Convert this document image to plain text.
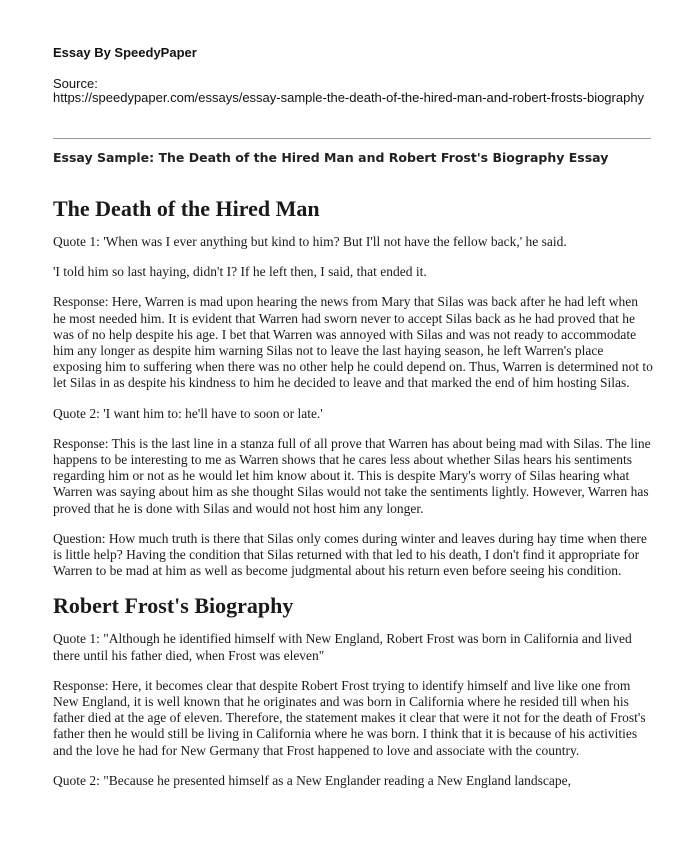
Essay By SpeedyPaper
Source:
https://speedypaper.com/essays/essay-sample-the-death-of-the-hired-man-and-robert-frosts-biography
Essay Sample: The Death of the Hired Man and Robert Frost's Biography Essay
The Death of the Hired Man

Quote 1: 'When was I ever anything but kind to him? But I'll not have the fellow back,' he said.

'I told him so last haying, didn't I? If he left then, I said, that ended it.

Response: Here, Warren is mad upon hearing the news from Mary that Silas was back after he had left when he most needed him. It is evident that Warren had sworn never to accept Silas back as he had proved that he was of no help despite his age. I bet that Warren was annoyed with Silas and was not ready to accommodate him any longer as despite him warning Silas not to leave the last haying season, he left Warren's place exposing him to suffering when there was no other help he could depend on. Thus, Warren is determined not to let Silas in as despite his kindness to him he decided to leave and that marked the end of him hosting Silas.

Quote 2: 'I want him to: he'll have to soon or late.'

Response: This is the last line in a stanza full of all prove that Warren has about being mad with Silas. The line happens to be interesting to me as Warren shows that he cares less about whether Silas hears his sentiments regarding him or not as he would let him know about it. This is despite Mary's worry of Silas hearing what Warren was saying about him as she thought Silas would not take the sentiments lightly. However, Warren has proved that he is done with Silas and would not host him any longer.

Question: How much truth is there that Silas only comes during winter and leaves during hay time when there is little help? Having the condition that Silas returned with that led to his death, I don't find it appropriate for Warren to be mad at him as well as become judgmental about his return even before seeing his condition.

Robert Frost's Biography

Quote 1: "Although he identified himself with New England, Robert Frost was born in California and lived there until his father died, when Frost was eleven"

Response: Here, it becomes clear that despite Robert Frost trying to identify himself and live like one from New England, it is well known that he originates and was born in California where he resided till when his father died at the age of eleven. Therefore, the statement makes it clear that were it not for the death of Frost's father then he would still be living in California where he was born. I think that it is because of his activities and the love he had for New Germany that Frost happened to love and associate with the country.

Quote 2: "Because he presented himself as a New Englander reading a New England landscape,
